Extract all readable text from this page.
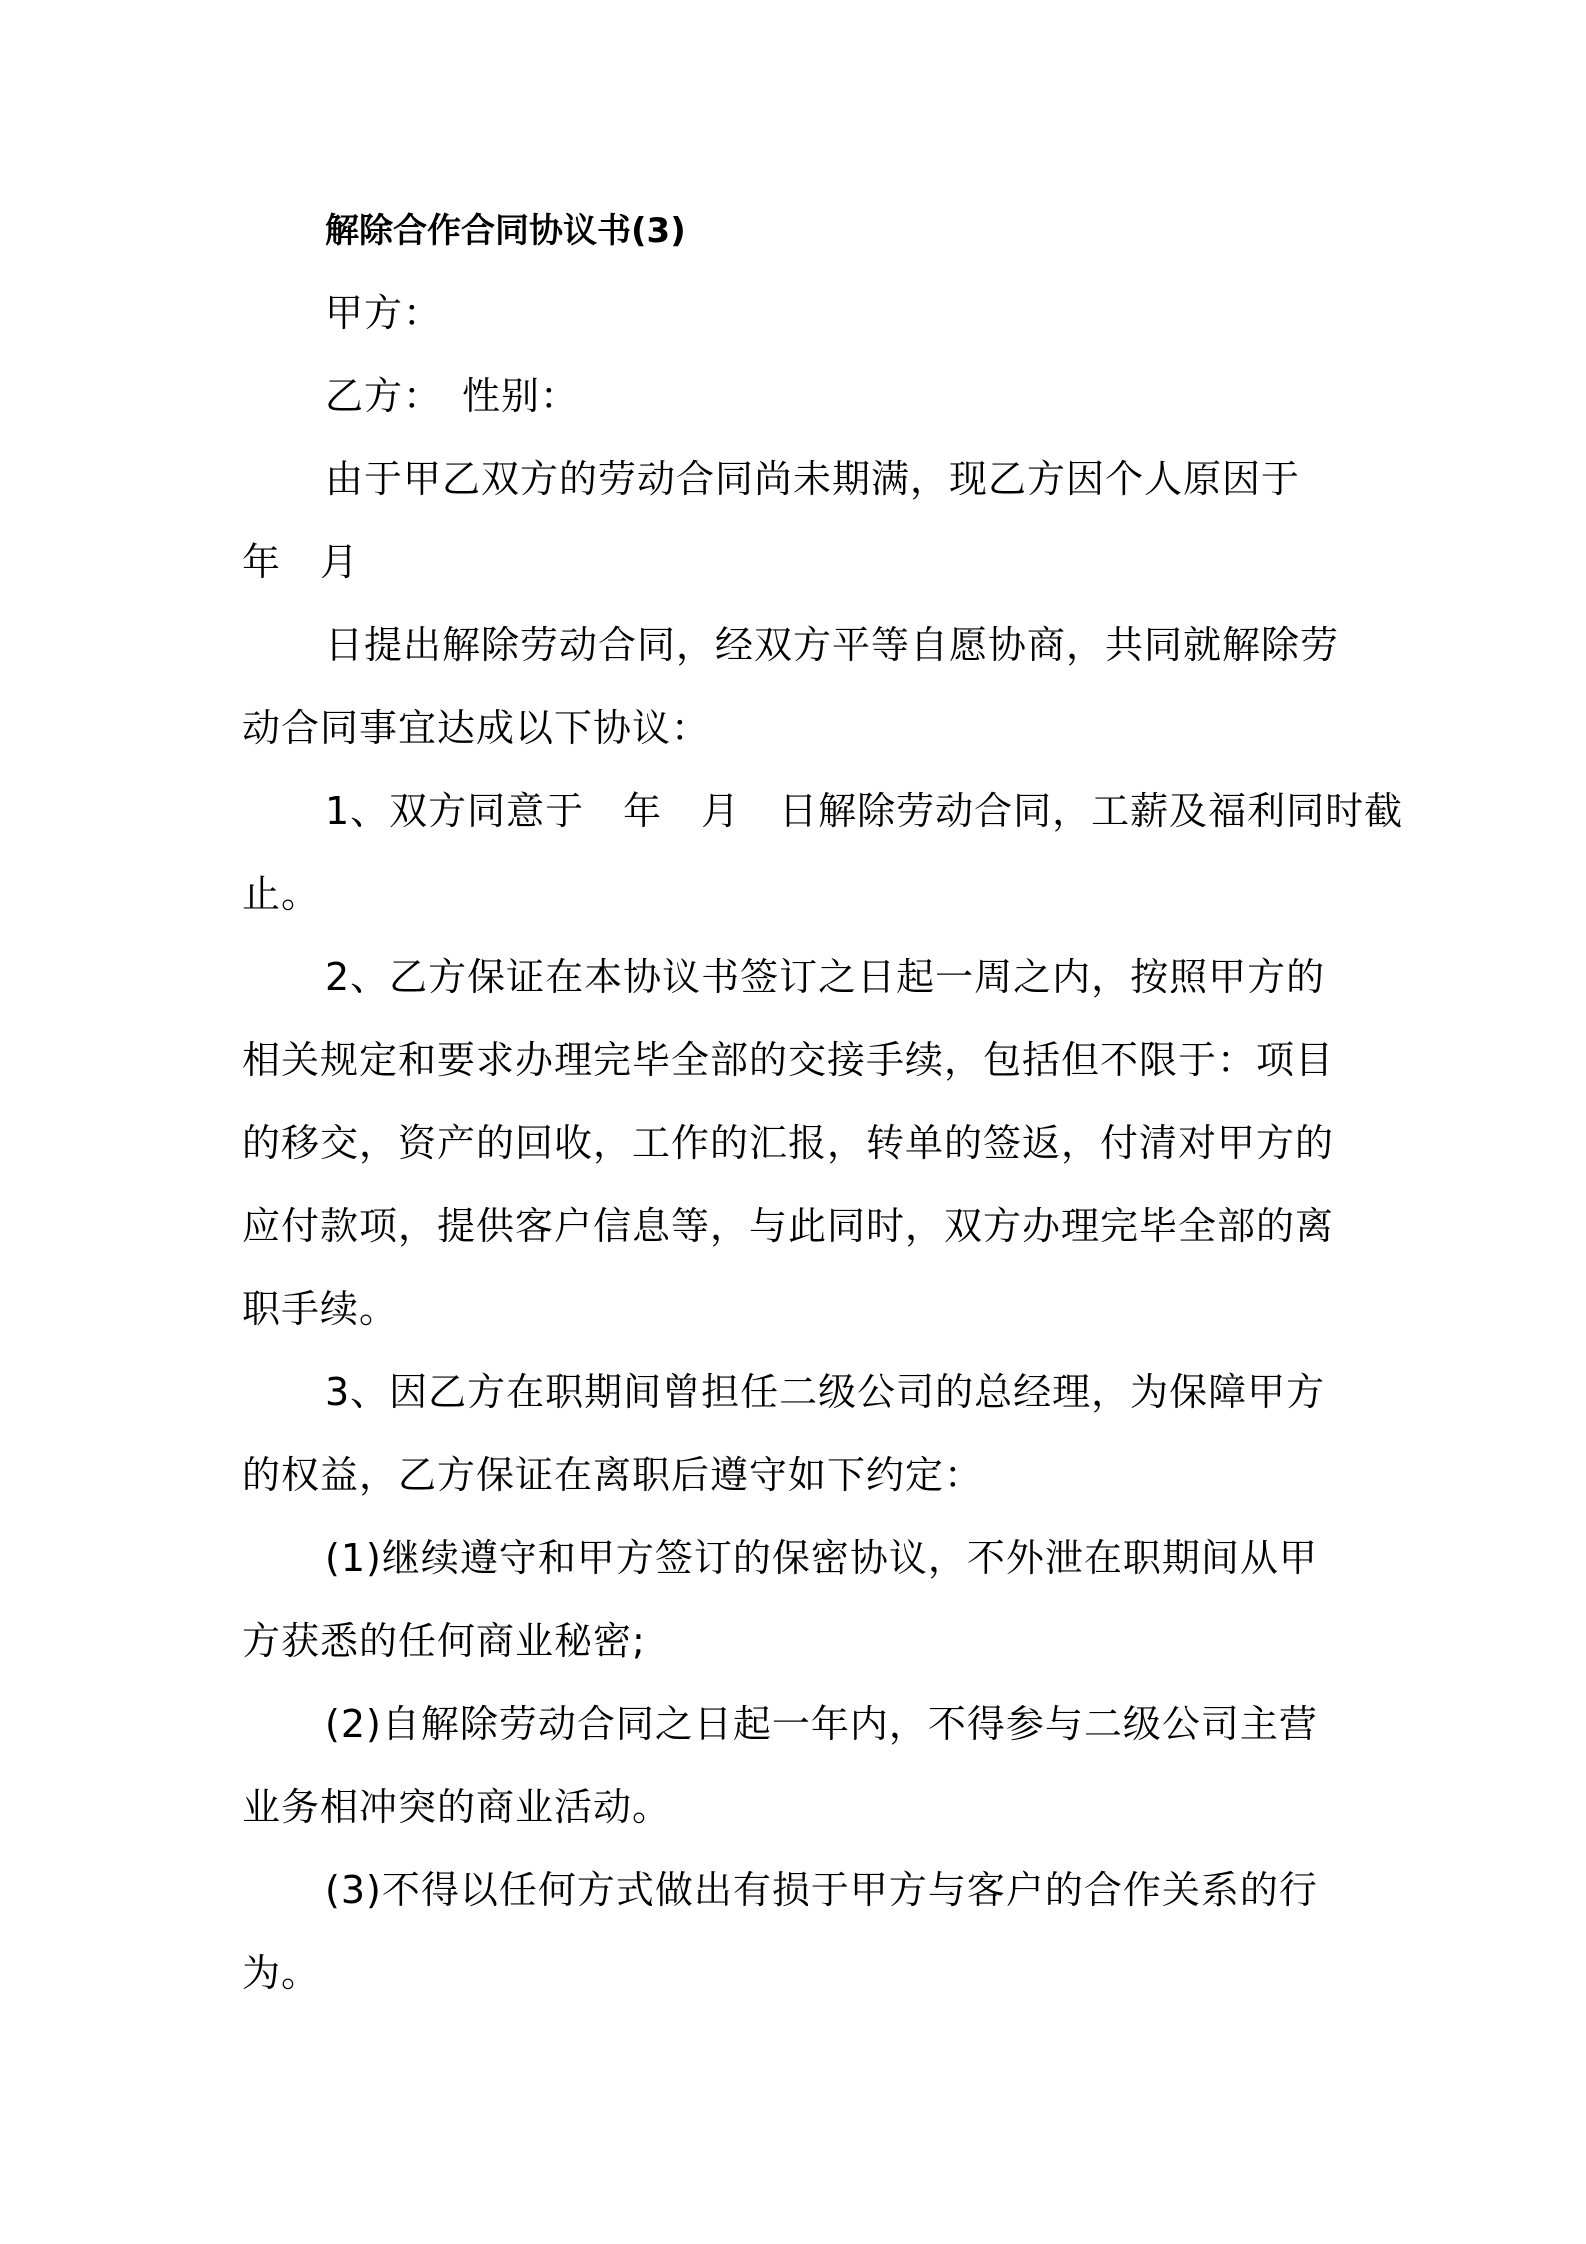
解除合作合同协议书(3)
甲方：
乙方：　性别：
由于甲乙双方的劳动合同尚未期满，现乙方因个人原因于
年　月
日提出解除劳动合同，经双方平等自愿协商，共同就解除劳
动合同事宜达成以下协议：
1、双方同意于　年　月　日解除劳动合同，工薪及福利同时截
止。
2、乙方保证在本协议书签订之日起一周之内，按照甲方的
相关规定和要求办理完毕全部的交接手续，包括但不限于：项目
的移交，资产的回收，工作的汇报，转单的签返，付清对甲方的
应付款项，提供客户信息等，与此同时，双方办理完毕全部的离
职手续。
3、因乙方在职期间曾担任二级公司的总经理，为保障甲方
的权益，乙方保证在离职后遵守如下约定：
(1)继续遵守和甲方签订的保密协议，不外泄在职期间从甲
方获悉的任何商业秘密;
(2)自解除劳动合同之日起一年内，不得参与二级公司主营
业务相冲突的商业活动。
(3)不得以任何方式做出有损于甲方与客户的合作关系的行
为。
